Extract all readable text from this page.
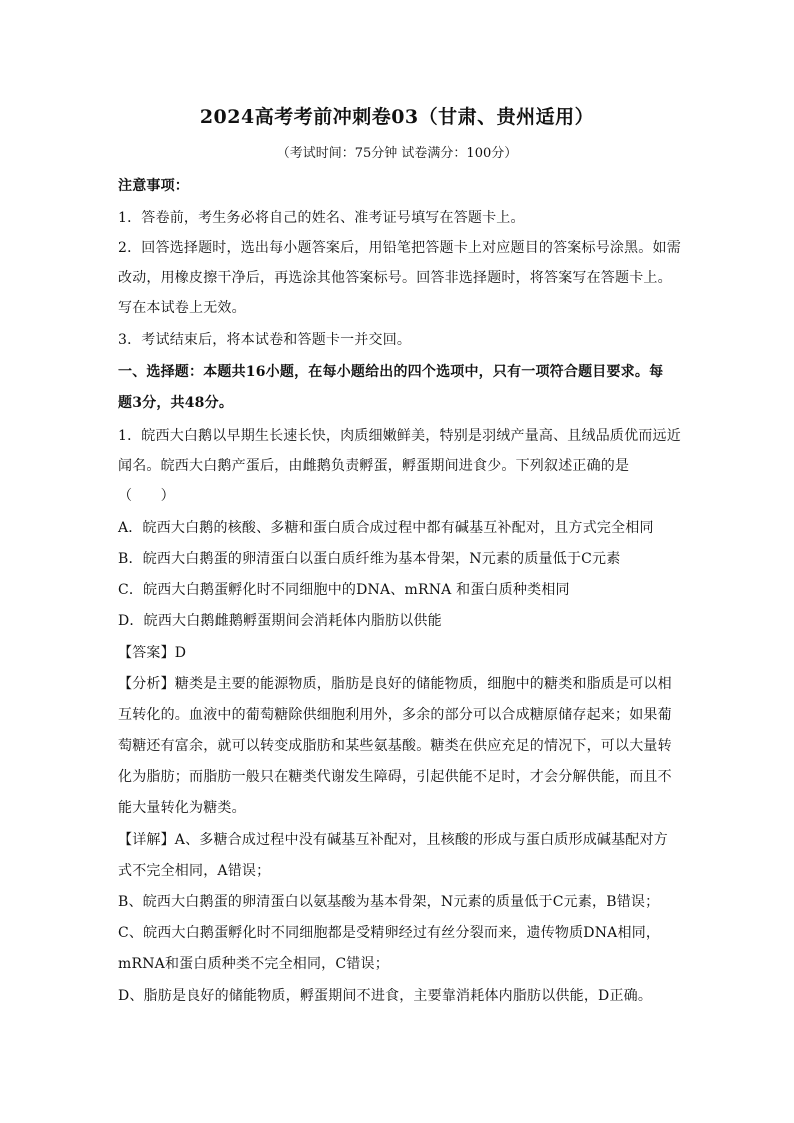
2024高考考前冲刺卷03（甘肃、贵州适用）
（考试时间：75分钟 试卷满分：100分）
注意事项：
1．答卷前，考生务必将自己的姓名、准考证号填写在答题卡上。
2．回答选择题时，选出每小题答案后，用铅笔把答题卡上对应题目的答案标号涂黑。如需
改动，用橡皮擦干净后，再选涂其他答案标号。回答非选择题时，将答案写在答题卡上。
写在本试卷上无效。
3．考试结束后，将本试卷和答题卡一并交回。
一、选择题：本题共16小题，在每小题给出的四个选项中，只有一项符合题目要求。每
题3分，共48分。
1．皖西大白鹅以早期生长速长快，肉质细嫩鲜美，特别是羽绒产量高、且绒品质优而远近
闻名。皖西大白鹅产蛋后，由雌鹅负责孵蛋，孵蛋期间进食少。下列叙述正确的是
（　　）
A．皖西大白鹅的核酸、多糖和蛋白质合成过程中都有碱基互补配对，且方式完全相同
B．皖西大白鹅蛋的卵清蛋白以蛋白质纤维为基本骨架，N元素的质量低于C元素
C．皖西大白鹅蛋孵化时不同细胞中的DNA、mRNA 和蛋白质种类相同
D．皖西大白鹅雌鹅孵蛋期间会消耗体内脂肪以供能
【答案】D
【分析】糖类是主要的能源物质，脂肪是良好的储能物质，细胞中的糖类和脂质是可以相
互转化的。血液中的葡萄糖除供细胞利用外，多余的部分可以合成糖原储存起来；如果葡
萄糖还有富余，就可以转变成脂肪和某些氨基酸。糖类在供应充足的情况下，可以大量转
化为脂肪；而脂肪一般只在糖类代谢发生障碍，引起供能不足时，才会分解供能，而且不
能大量转化为糖类。
【详解】A、多糖合成过程中没有碱基互补配对，且核酸的形成与蛋白质形成碱基配对方
式不完全相同，A错误；
B、皖西大白鹅蛋的卵清蛋白以氨基酸为基本骨架，N元素的质量低于C元素，B错误；
C、皖西大白鹅蛋孵化时不同细胞都是受精卵经过有丝分裂而来，遗传物质DNA相同，
mRNA和蛋白质种类不完全相同，C错误；
D、脂肪是良好的储能物质，孵蛋期间不进食，主要靠消耗体内脂肪以供能，D正确。
